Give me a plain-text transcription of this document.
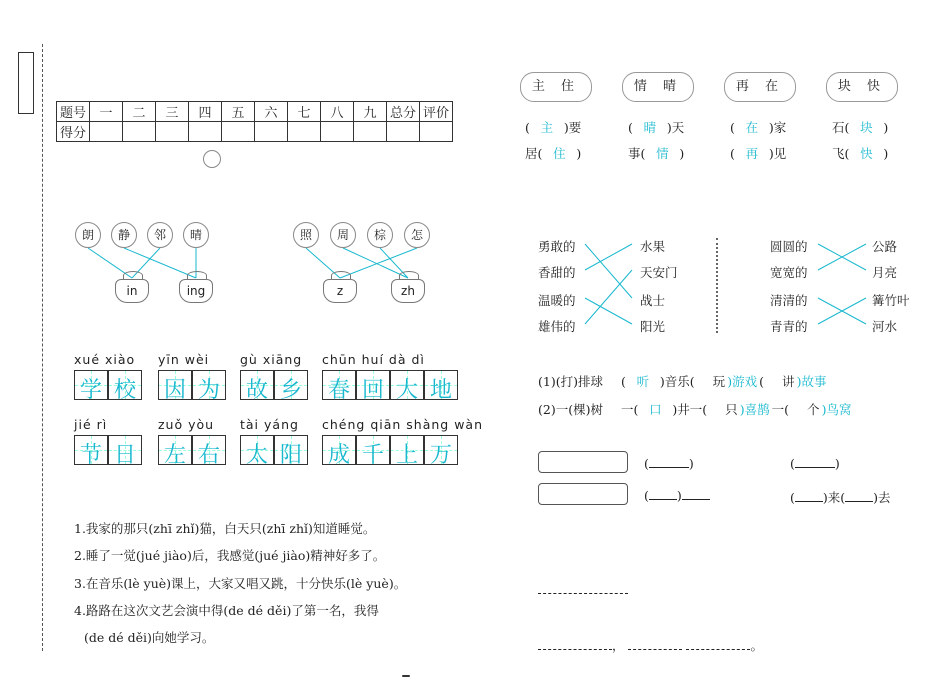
题号	一	二	三	四	五	六	七	八	九	总分	评价
得分											
(	)	(	)
( )	( )来( )去
，	。
朗	静	邻	晴	照	周	棕	怎
in	ing	z	zh
xué xiào
学 校
yīn wèi
因 为
gù xiāng
故 乡
chūn huí dà dì
春 回 大 地
jié rì
节 日
zuǒ yòu
左 右
tài yáng
太 阳
chéng qiān shàng wàn
成 千 上 万
1.我家的那只(zhī zhǐ)猫，白天只(zhī zhǐ)知道睡觉。
2.睡了一觉(jué jiào)后，我感觉(jué jiào)精神好多了。
3.在音乐(lè yuè)课上，大家又唱又跳，十分快乐(lè yuè)。
4.路路在这次文艺会演中得(de dé děi)了第一名，我得
(de dé děi)向她学习。
主 住	情 晴	再 在	块 快
( 主 )要	( 晴 )天	( 在 )家	石( 块 )
居( 住 )	事( 情 )	( 再 )见	飞( 快 )
勇敢的
香甜的
温暖的
雄伟的
水果
天安门
战士
阳光
圆圆的
宽宽的
清清的
青青的
公路
月亮
篝竹叶
河水
(1)(打)排球 ( 听 )音乐( 玩 )游戏 ( 讲 )故事
(2)一(棵)树 一( 口 )井一( 只 )喜鹊 一( 个 )鸟窝
